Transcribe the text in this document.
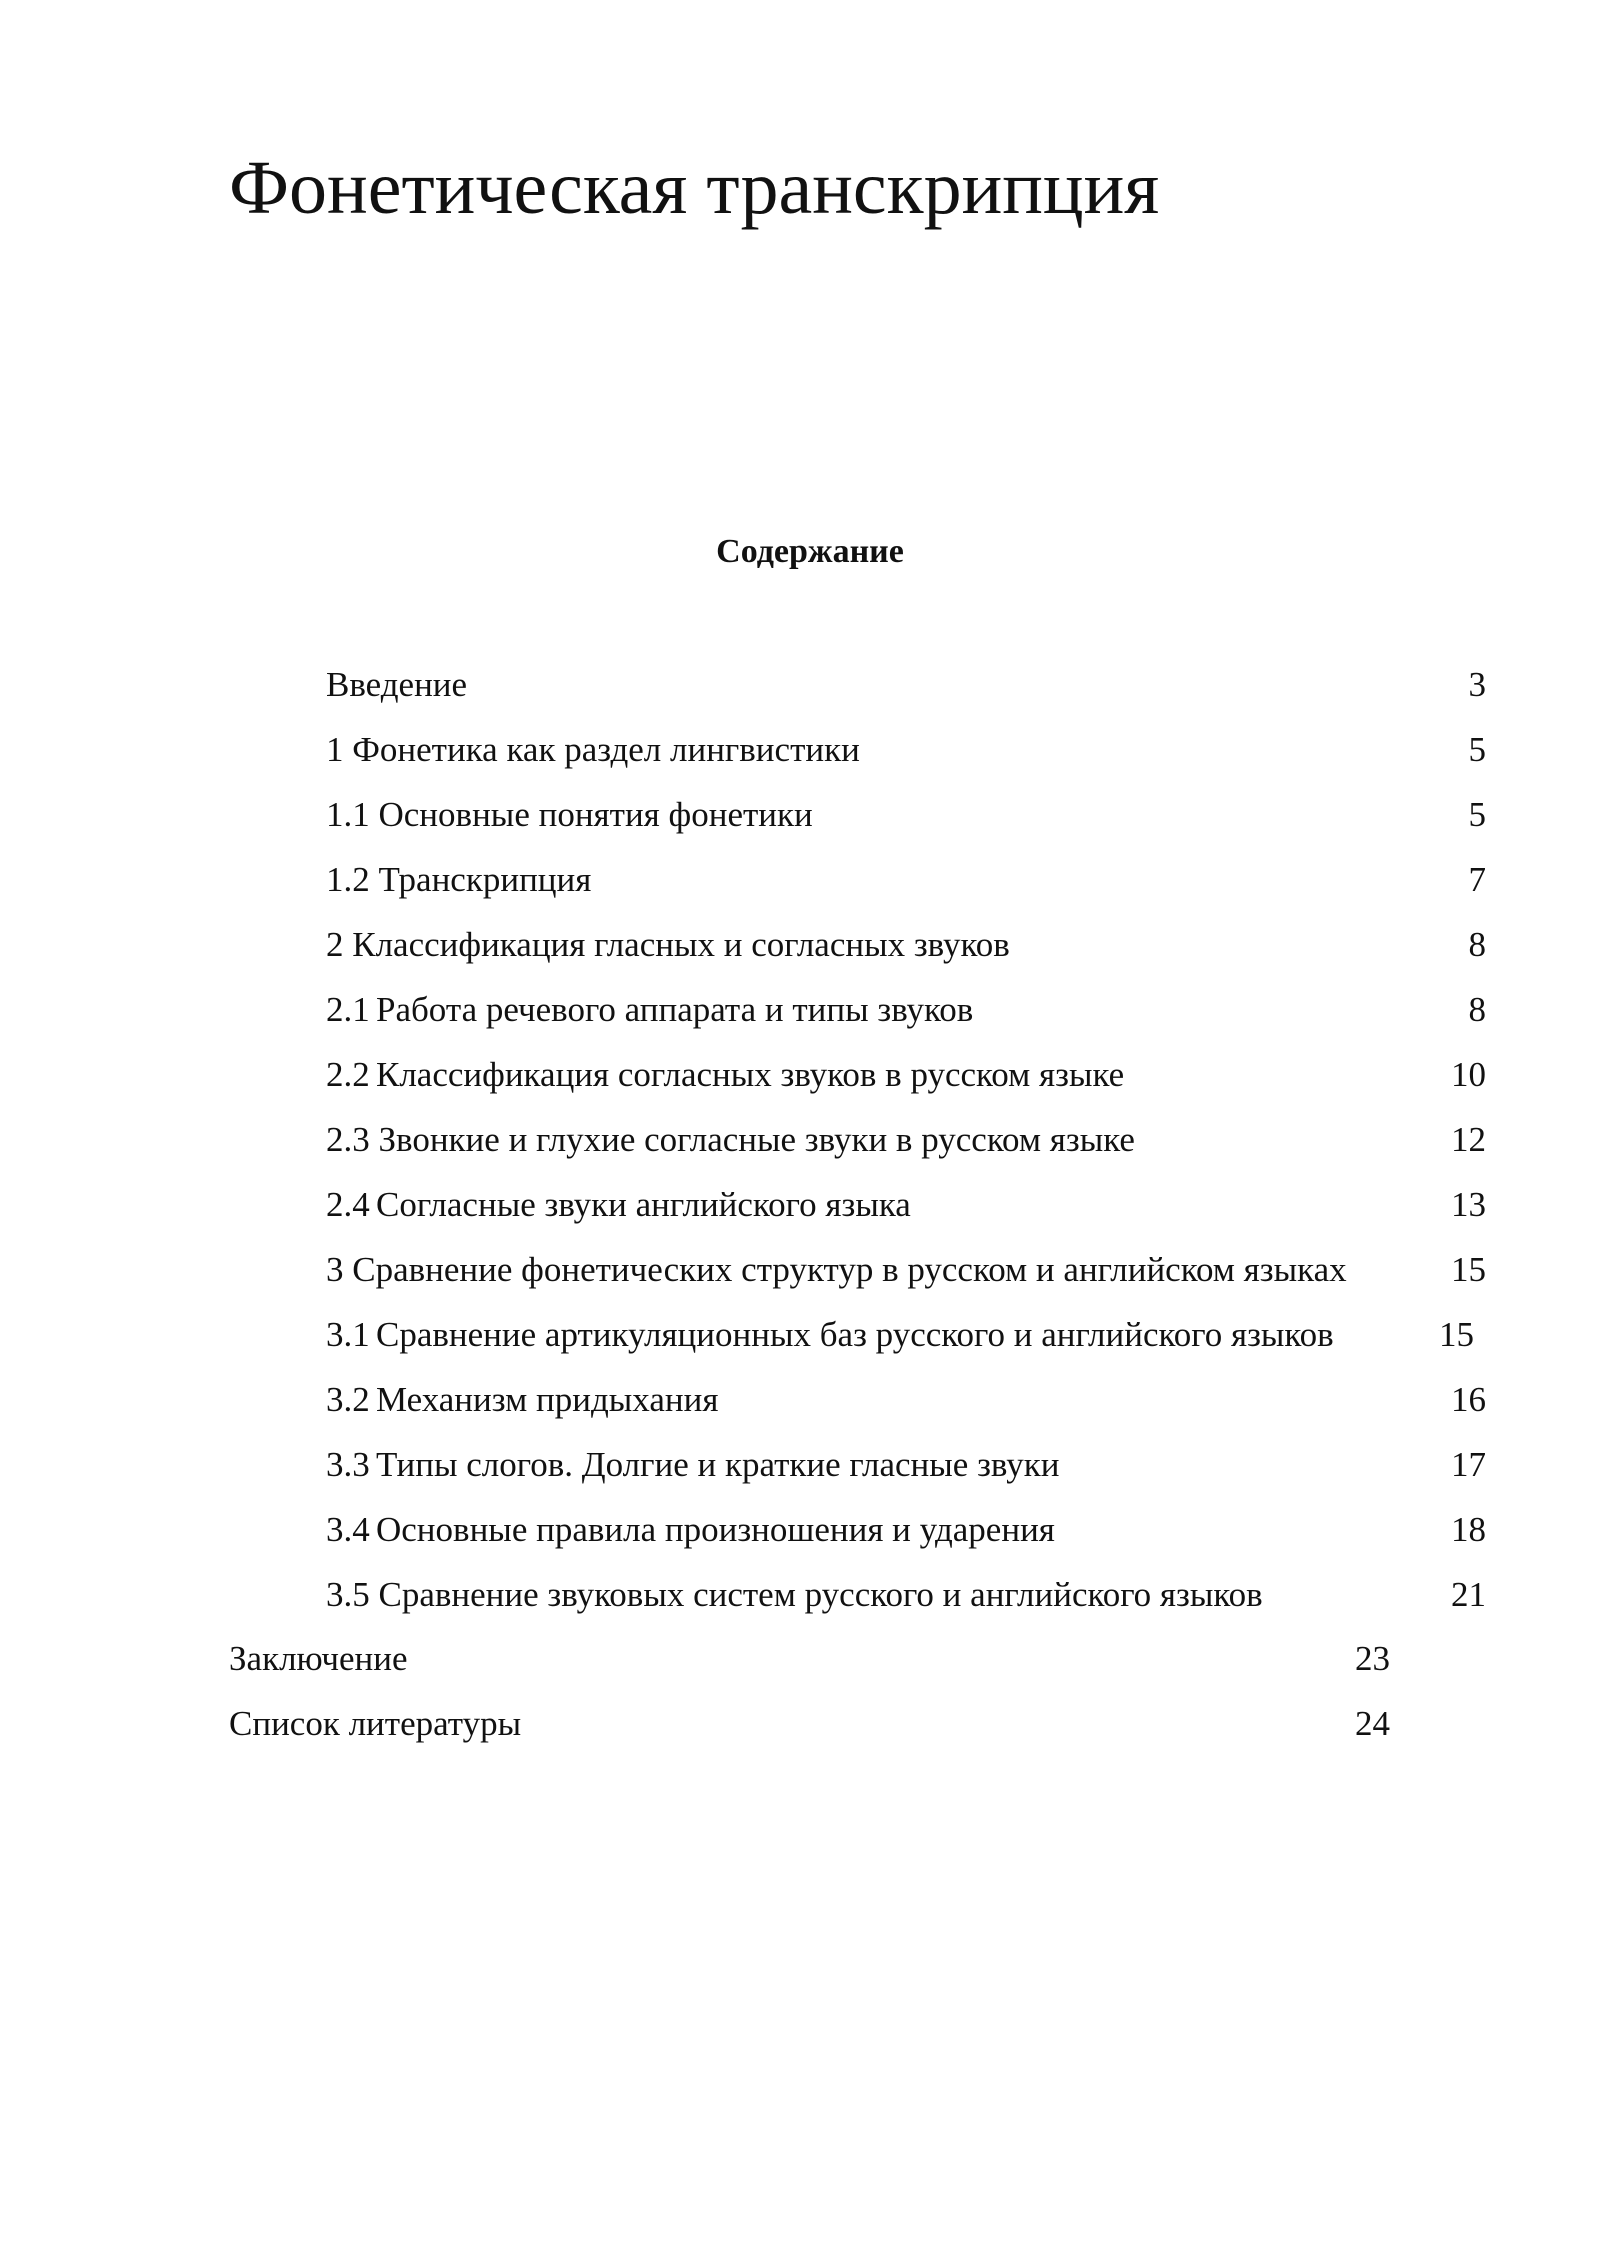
Фонетическая транскрипция
Содержание
Введение	3
1 Фонетика как раздел лингвистики	5
1.1 Основные понятия фонетики	5
1.2 Транскрипция	7
2 Классификация гласных и согласных звуков	8
2.1 Работа речевого аппарата и типы звуков	8
2.2 Классификация согласных звуков в русском языке	10
2.3 Звонкие и глухие согласные звуки в русском языке	12
2.4 Согласные звуки английского языка	13
3 Сравнение фонетических структур в русском и английском языках	15
3.1 Сравнение артикуляционных баз русского и английского языков	15
3.2 Механизм придыхания	16
3.3 Типы слогов. Долгие и краткие гласные звуки	17
3.4 Основные правила произношения и ударения	18
3.5 Сравнение звуковых систем русского и английского языков	21
Заключение	23
Список литературы	24
